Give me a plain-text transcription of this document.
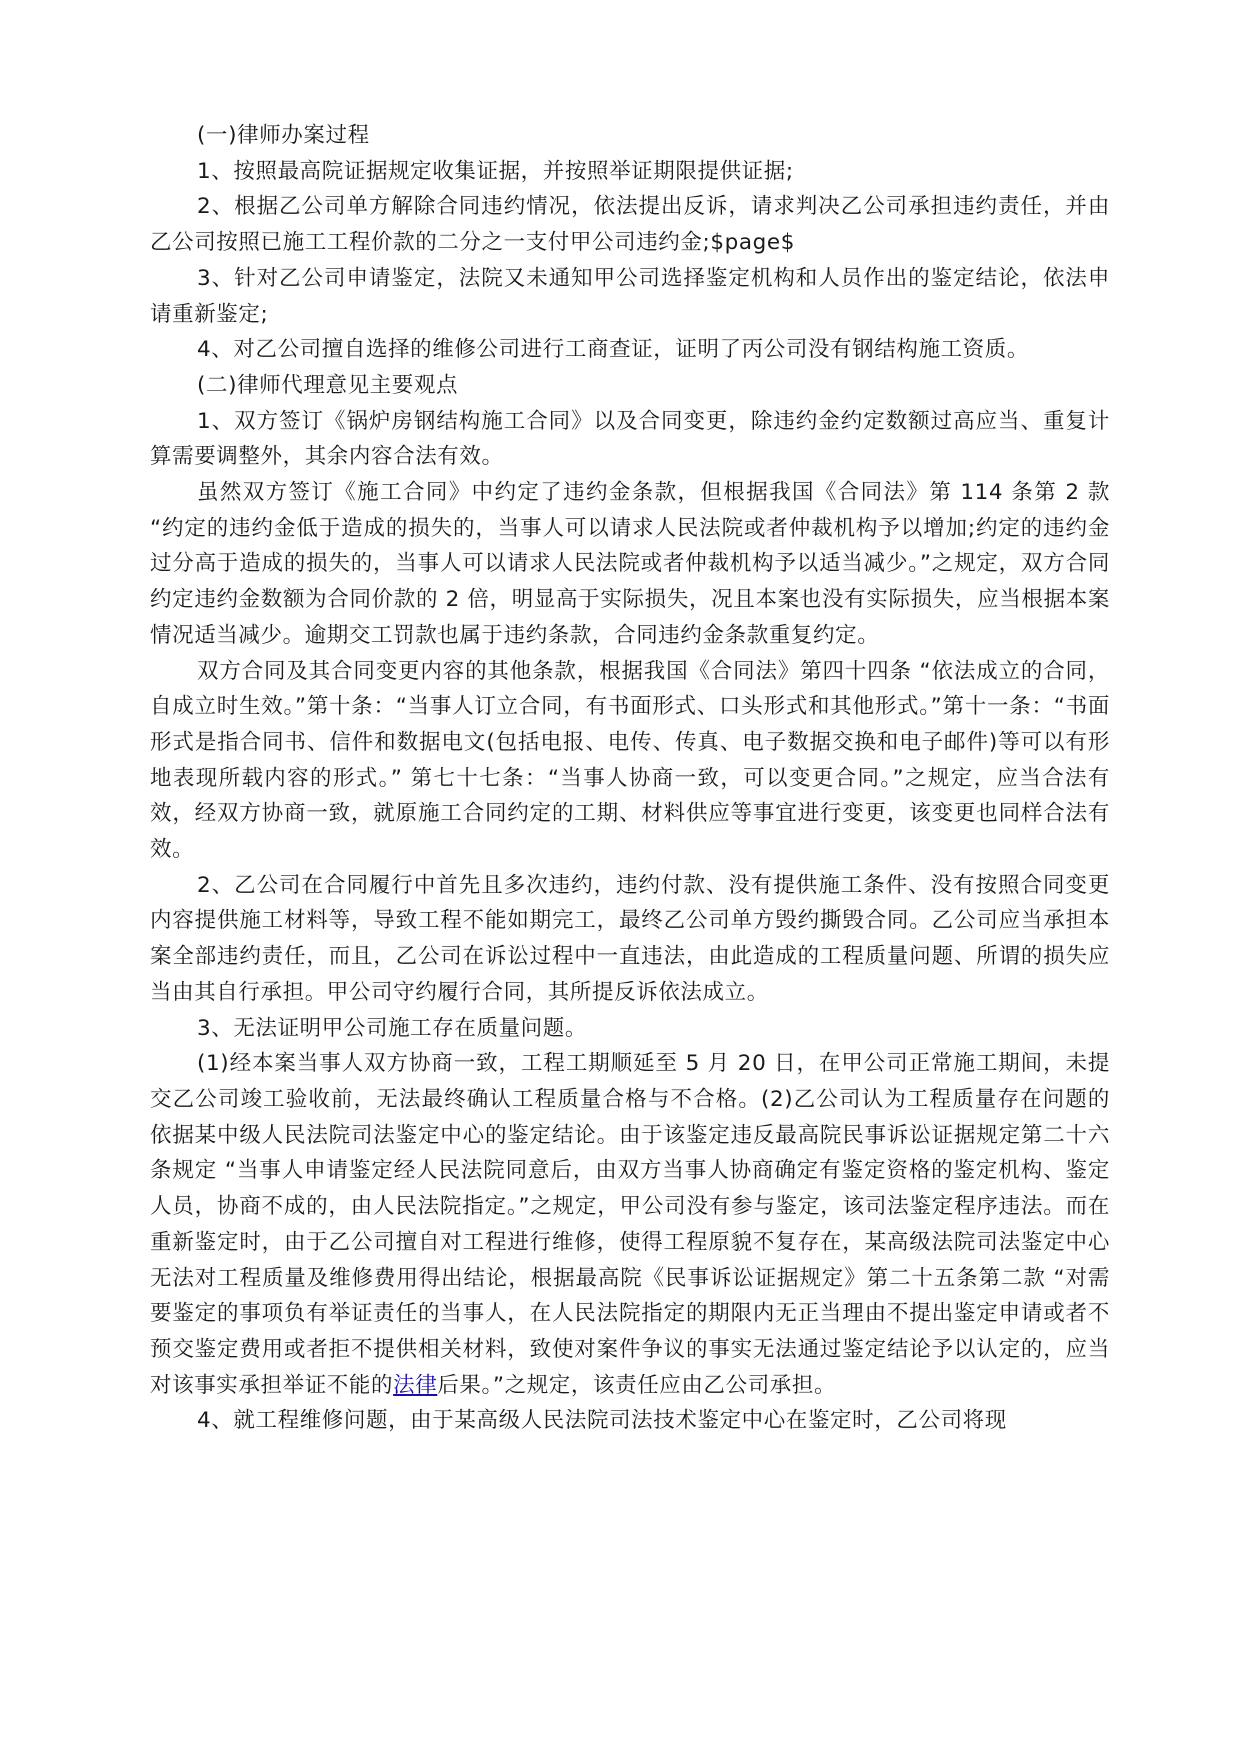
(一)律师办案过程

1、按照最高院证据规定收集证据，并按照举证期限提供证据;

2、根据乙公司单方解除合同违约情况，依法提出反诉，请求判决乙公司承担违约责任，并由乙公司按照已施工工程价款的二分之一支付甲公司违约金;$page$

3、针对乙公司申请鉴定，法院又未通知甲公司选择鉴定机构和人员作出的鉴定结论，依法申请重新鉴定;

4、对乙公司擅自选择的维修公司进行工商查证，证明了丙公司没有钢结构施工资质。

(二)律师代理意见主要观点

1、双方签订《锅炉房钢结构施工合同》以及合同变更，除违约金约定数额过高应当、重复计算需要调整外，其余内容合法有效。

虽然双方签订《施工合同》中约定了违约金条款，但根据我国《合同法》第 114 条第 2 款 “约定的违约金低于造成的损失的，当事人可以请求人民法院或者仲裁机构予以增加;约定的违约金过分高于造成的损失的，当事人可以请求人民法院或者仲裁机构予以适当减少。”之规定，双方合同约定违约金数额为合同价款的 2 倍，明显高于实际损失，况且本案也没有实际损失，应当根据本案情况适当减少。逾期交工罚款也属于违约条款，合同违约金条款重复约定。

双方合同及其合同变更内容的其他条款，根据我国《合同法》第四十四条 “依法成立的合同，自成立时生效。”第十条：“当事人订立合同，有书面形式、口头形式和其他形式。”第十一条：“书面形式是指合同书、信件和数据电文(包括电报、电传、传真、电子数据交换和电子邮件)等可以有形地表现所载内容的形式。” 第七十七条：“当事人协商一致，可以变更合同。”之规定，应当合法有效，经双方协商一致，就原施工合同约定的工期、材料供应等事宜进行变更，该变更也同样合法有效。

2、乙公司在合同履行中首先且多次违约，违约付款、没有提供施工条件、没有按照合同变更内容提供施工材料等，导致工程不能如期完工，最终乙公司单方毁约撕毁合同。乙公司应当承担本案全部违约责任，而且，乙公司在诉讼过程中一直违法，由此造成的工程质量问题、所谓的损失应当由其自行承担。甲公司守约履行合同，其所提反诉依法成立。

3、无法证明甲公司施工存在质量问题。

(1)经本案当事人双方协商一致，工程工期顺延至 5 月 20 日，在甲公司正常施工期间，未提交乙公司竣工验收前，无法最终确认工程质量合格与不合格。(2)乙公司认为工程质量存在问题的依据某中级人民法院司法鉴定中心的鉴定结论。由于该鉴定违反最高院民事诉讼证据规定第二十六条规定 “当事人申请鉴定经人民法院同意后，由双方当事人协商确定有鉴定资格的鉴定机构、鉴定人员，协商不成的，由人民法院指定。”之规定，甲公司没有参与鉴定，该司法鉴定程序违法。而在重新鉴定时，由于乙公司擅自对工程进行维修，使得工程原貌不复存在，某高级法院司法鉴定中心无法对工程质量及维修费用得出结论，根据最高院《民事诉讼证据规定》第二十五条第二款 “对需要鉴定的事项负有举证责任的当事人，在人民法院指定的期限内无正当理由不提出鉴定申请或者不预交鉴定费用或者拒不提供相关材料，致使对案件争议的事实无法通过鉴定结论予以认定的，应当对该事实承担举证不能的法律后果。”之规定，该责任应由乙公司承担。

4、就工程维修问题，由于某高级人民法院司法技术鉴定中心在鉴定时，乙公司将现
